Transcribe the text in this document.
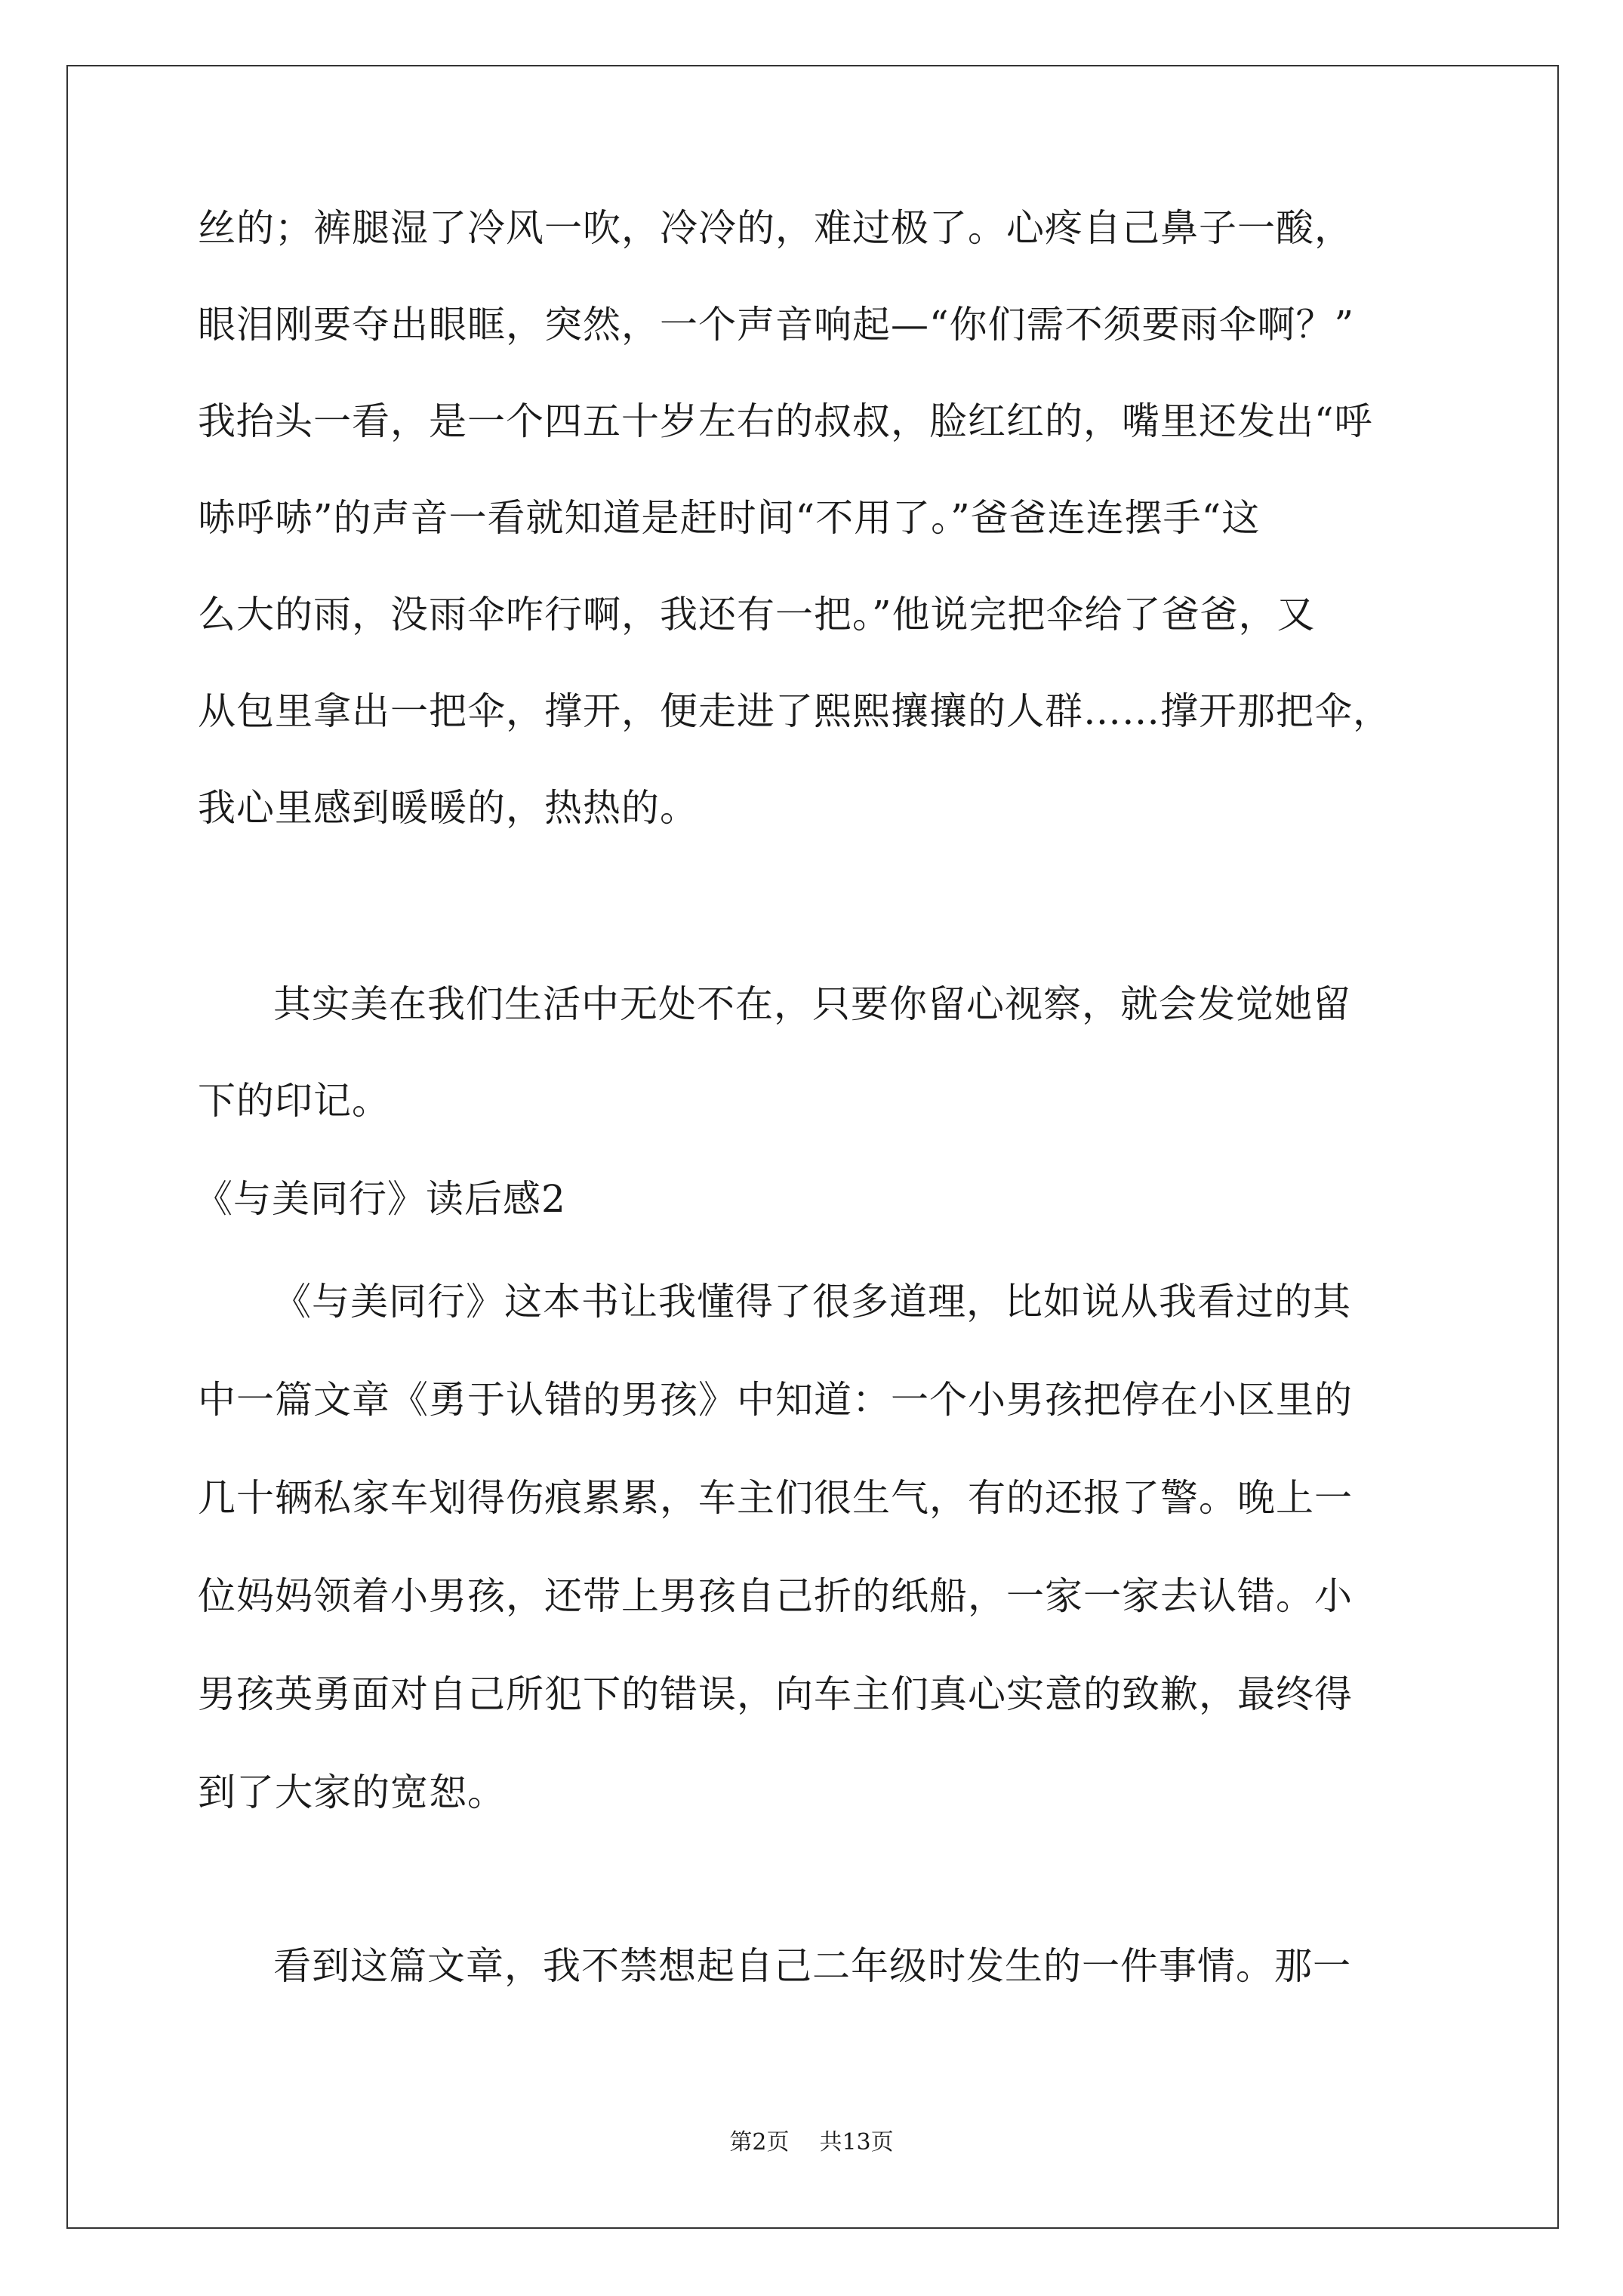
丝的；裤腿湿了冷风一吹，冷冷的，难过极了。心疼自己鼻子一酸，
眼泪刚要夺出眼眶，突然，一个声音响起—“你们需不须要雨伞啊？”
我抬头一看，是一个四五十岁左右的叔叔，脸红红的，嘴里还发出“呼
哧呼哧”的声音一看就知道是赶时间“不用了。”爸爸连连摆手“这
么大的雨，没雨伞咋行啊，我还有一把。”他说完把伞给了爸爸，又
从包里拿出一把伞，撑开，便走进了熙熙攘攘的人群……撑开那把伞，
我心里感到暖暖的，热热的。
其实美在我们生活中无处不在，只要你留心视察，就会发觉她留
下的印记。
《与美同行》读后感2
《与美同行》这本书让我懂得了很多道理，比如说从我看过的其
中一篇文章《勇于认错的男孩》中知道：一个小男孩把停在小区里的
几十辆私家车划得伤痕累累，车主们很生气，有的还报了警。晚上一
位妈妈领着小男孩，还带上男孩自己折的纸船，一家一家去认错。小
男孩英勇面对自己所犯下的错误，向车主们真心实意的致歉，最终得
到了大家的宽恕。
看到这篇文章，我不禁想起自己二年级时发生的一件事情。那一
第2页 共13页
